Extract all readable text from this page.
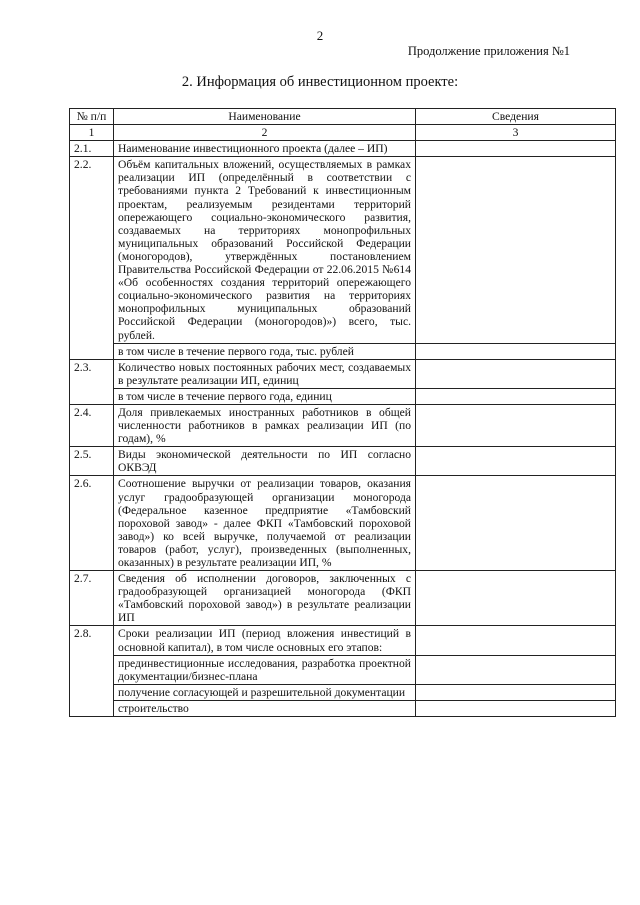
2
Продолжение приложения №1
2. Информация об инвестиционном проекте:
№ п/п	Наименование	Сведения
1	2	3
2.1.	Наименование инвестиционного проекта (далее – ИП)	
2.2.	Объём капитальных вложений, осуществляемых в рамках реализации ИП (определённый в соответствии с требованиями пункта 2 Требований к инвестиционным проектам, реализуемым резидентами территорий опережающего социально-экономического развития, создаваемых на территориях монопрофильных муниципальных образований Российской Федерации (моногородов), утверждённых постановлением Правительства Российской Федерации от 22.06.2015 №614 «Об особенностях создания территорий опережающего социально-экономического развития на территориях монопрофильных муниципальных образований Российской Федерации (моногородов)») всего, тыс. рублей.	
	в том числе в течение первого года, тыс. рублей	
2.3.	Количество новых постоянных рабочих мест, создаваемых в результате реализации ИП, единиц	
	в том числе в течение первого года, единиц	
2.4.	Доля привлекаемых иностранных работников в общей численности работников в рамках реализации ИП (по годам), %	
2.5.	Виды экономической деятельности по ИП согласно ОКВЭД	
2.6.	Соотношение выручки от реализации товаров, оказания услуг градообразующей организации моногорода (Федеральное казенное предприятие «Тамбовский пороховой завод» - далее ФКП «Тамбовский пороховой завод») ко всей выручке, получаемой от реализации товаров (работ, услуг), произведенных (выполненных, оказанных) в результате реализации ИП, %	
2.7.	Сведения об исполнении договоров, заключенных с градообразующей организацией моногорода (ФКП «Тамбовский пороховой завод») в результате реализации ИП	
2.8.	Сроки реализации ИП (период вложения инвестиций в основной капитал), в том числе основных его этапов:	
	прединвестиционные исследования, разработка проектной документации/бизнес-плана	
	получение согласующей и разрешительной документации	
	строительство	
